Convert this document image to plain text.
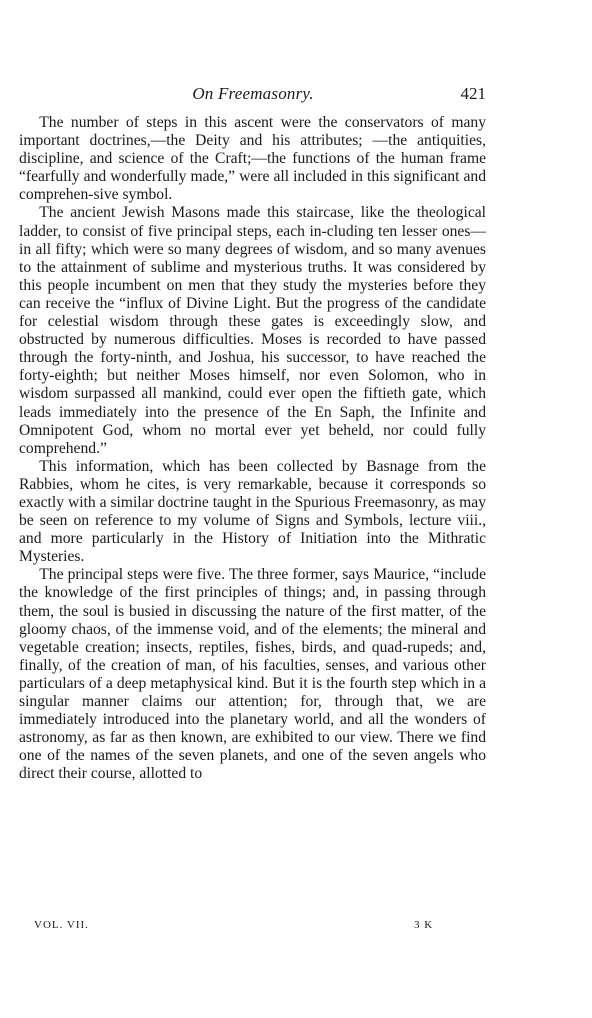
On Freemasonry.	421

The number of steps in this ascent were the conservators of many important doctrines,—the Deity and his attributes; —the antiquities, discipline, and science of the Craft;—the functions of the human frame “fearfully and wonderfully made,” were all included in this significant and comprehen-sive symbol.

The ancient Jewish Masons made this staircase, like the theological ladder, to consist of five principal steps, each in-cluding ten lesser ones—in all fifty; which were so many degrees of wisdom, and so many avenues to the attainment of sublime and mysterious truths. It was considered by this people incumbent on men that they study the mysteries before they can receive the “influx of Divine Light. But the progress of the candidate for celestial wisdom through these gates is exceedingly slow, and obstructed by numerous difficulties. Moses is recorded to have passed through the forty-ninth, and Joshua, his successor, to have reached the forty-eighth; but neither Moses himself, nor even Solomon, who in wisdom surpassed all mankind, could ever open the fiftieth gate, which leads immediately into the presence of the En Saph, the Infinite and Omnipotent God, whom no mortal ever yet beheld, nor could fully comprehend.”

This information, which has been collected by Basnage from the Rabbies, whom he cites, is very remarkable, because it corresponds so exactly with a similar doctrine taught in the Spurious Freemasonry, as may be seen on reference to my volume of Signs and Symbols, lecture viii., and more particularly in the History of Initiation into the Mithratic Mysteries.

The principal steps were five. The three former, says Maurice, “include the knowledge of the first principles of things; and, in passing through them, the soul is busied in discussing the nature of the first matter, of the gloomy chaos, of the immense void, and of the elements; the mineral and vegetable creation; insects, reptiles, fishes, birds, and quad-rupeds; and, finally, of the creation of man, of his faculties, senses, and various other particulars of a deep metaphysical kind. But it is the fourth step which in a singular manner claims our attention; for, through that, we are immediately introduced into the planetary world, and all the wonders of astronomy, as far as then known, are exhibited to our view. There we find one of the names of the seven planets, and one of the seven angels who direct their course, allotted to

VOL. VII.	3 K
